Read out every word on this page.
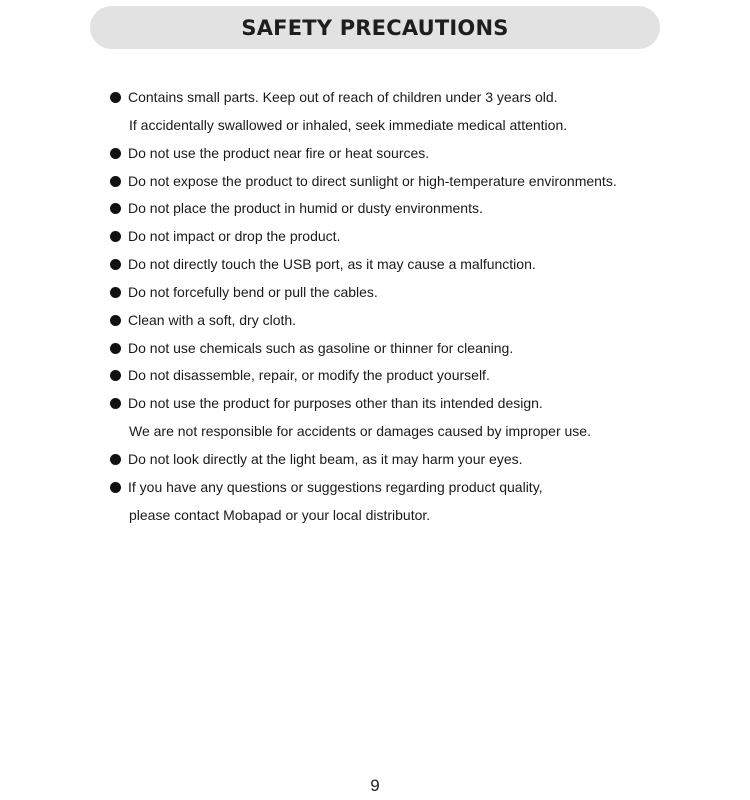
SAFETY PRECAUTIONS
Contains small parts. Keep out of reach of children under 3 years old.
If accidentally swallowed or inhaled, seek immediate medical attention.
Do not use the product near fire or heat sources.
Do not expose the product to direct sunlight or high-temperature environments.
Do not place the product in humid or dusty environments.
Do not impact or drop the product.
Do not directly touch the USB port, as it may cause a malfunction.
Do not forcefully bend or pull the cables.
Clean with a soft, dry cloth.
Do not use chemicals such as gasoline or thinner for cleaning.
Do not disassemble, repair, or modify the product yourself.
Do not use the product for purposes other than its intended design.
We are not responsible for accidents or damages caused by improper use.
Do not look directly at the light beam, as it may harm your eyes.
If you have any questions or suggestions regarding product quality,
please contact Mobapad or your local distributor.
9
